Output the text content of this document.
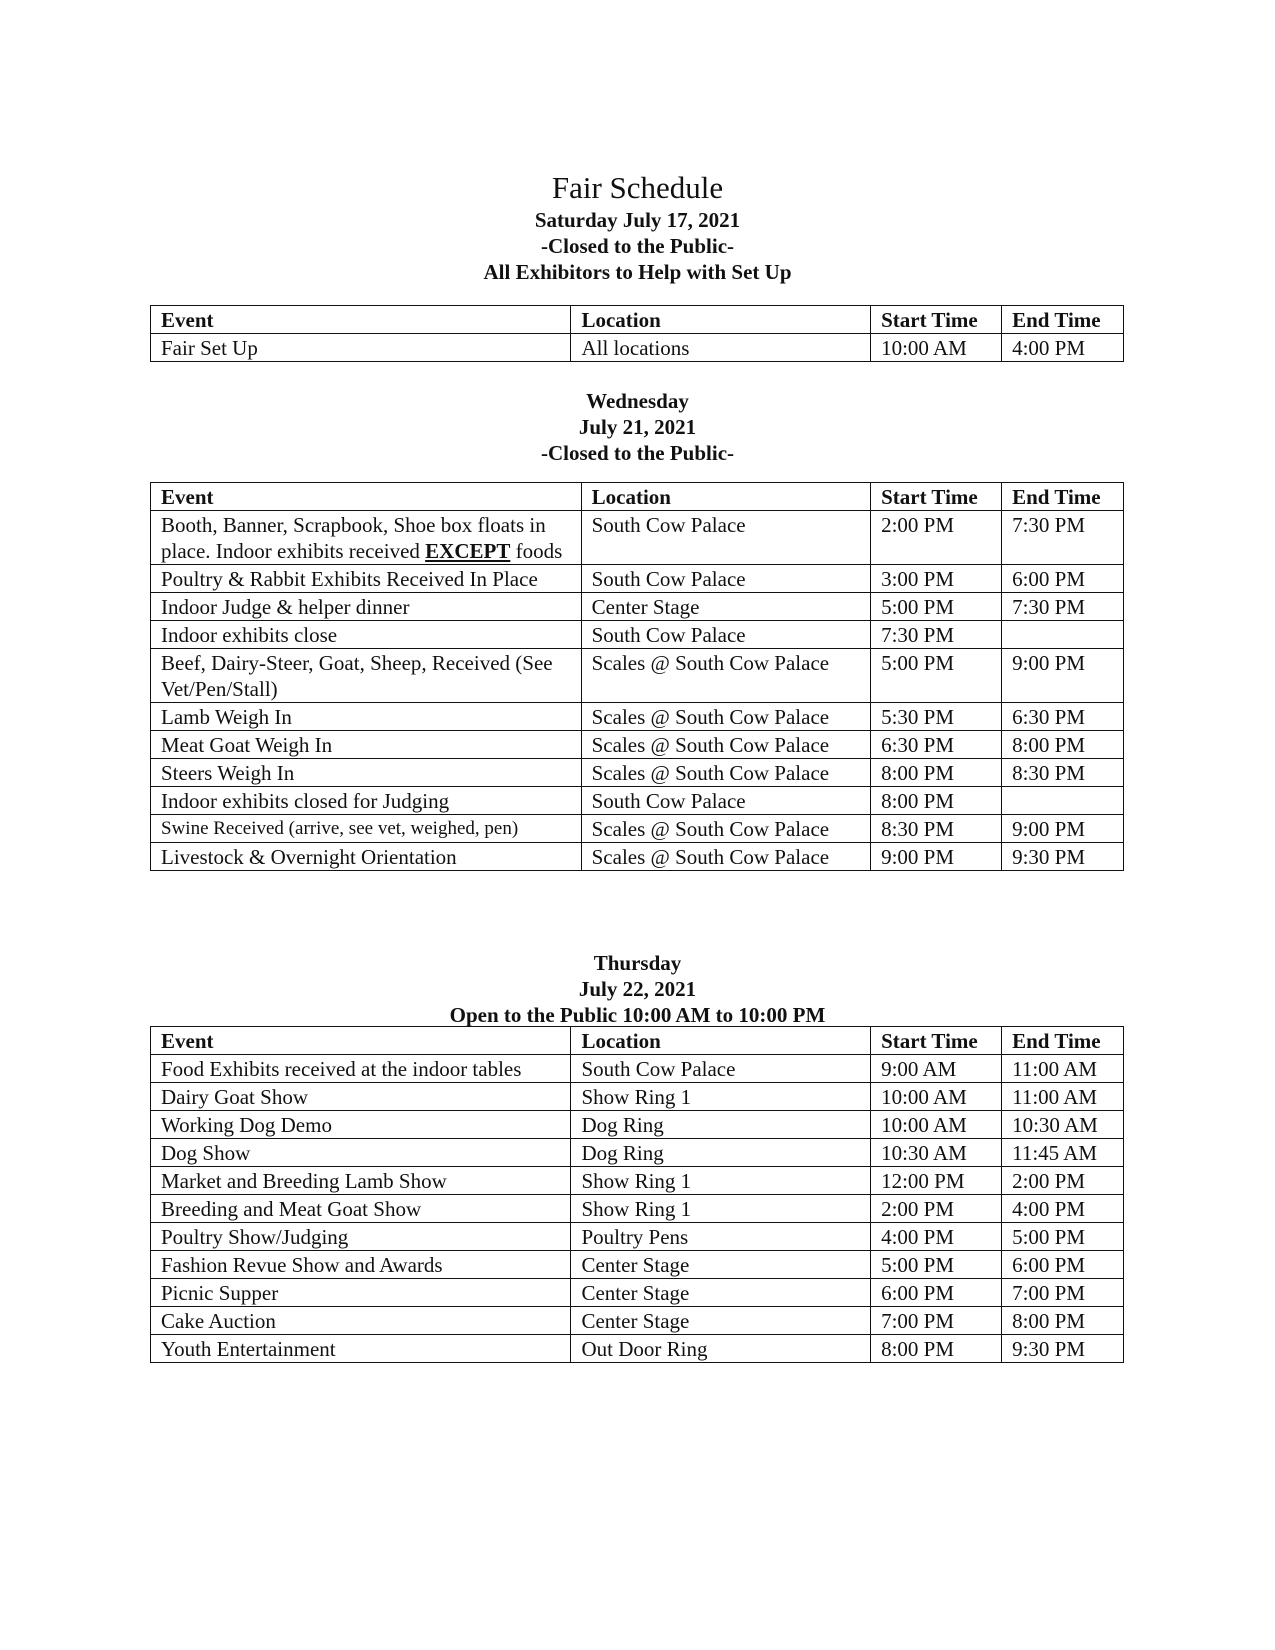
Fair Schedule
Saturday July 17, 2021
-Closed to the Public-
All Exhibitors to Help with Set Up
Event	Location	Start Time	End Time
Fair Set Up	All locations	10:00 AM	4:00 PM
Wednesday
July 21, 2021
-Closed to the Public-
Event	Location	Start Time	End Time
Booth, Banner, Scrapbook, Shoe box floats in place. Indoor exhibits received EXCEPT foods	South Cow Palace	2:00 PM	7:30 PM
Poultry & Rabbit Exhibits Received In Place	South Cow Palace	3:00 PM	6:00 PM
Indoor Judge & helper dinner	Center Stage	5:00 PM	7:30 PM
Indoor exhibits close	South Cow Palace	7:30 PM	
Beef, Dairy-Steer, Goat, Sheep, Received (See Vet/Pen/Stall)	Scales @ South Cow Palace	5:00 PM	9:00 PM
Lamb Weigh In	Scales @ South Cow Palace	5:30 PM	6:30 PM
Meat Goat Weigh In	Scales @ South Cow Palace	6:30 PM	8:00 PM
Steers Weigh In	Scales @ South Cow Palace	8:00 PM	8:30 PM
Indoor exhibits closed for Judging	South Cow Palace	8:00 PM	
Swine Received (arrive, see vet, weighed, pen)	Scales @ South Cow Palace	8:30 PM	9:00 PM
Livestock & Overnight Orientation	Scales @ South Cow Palace	9:00 PM	9:30 PM
Thursday
July 22, 2021
Open to the Public 10:00 AM to 10:00 PM
Event	Location	Start Time	End Time
Food Exhibits received at the indoor tables	South Cow Palace	9:00 AM	11:00 AM
Dairy Goat Show	Show Ring 1	10:00 AM	11:00 AM
Working Dog Demo	Dog Ring	10:00 AM	10:30 AM
Dog Show	Dog Ring	10:30 AM	11:45 AM
Market and Breeding Lamb Show	Show Ring 1	12:00 PM	2:00 PM
Breeding and Meat Goat Show	Show Ring 1	2:00 PM	4:00 PM
Poultry Show/Judging	Poultry Pens	4:00 PM	5:00 PM
Fashion Revue Show and Awards	Center Stage	5:00 PM	6:00 PM
Picnic Supper	Center Stage	6:00 PM	7:00 PM
Cake Auction	Center Stage	7:00 PM	8:00 PM
Youth Entertainment	Out Door Ring	8:00 PM	9:30 PM
